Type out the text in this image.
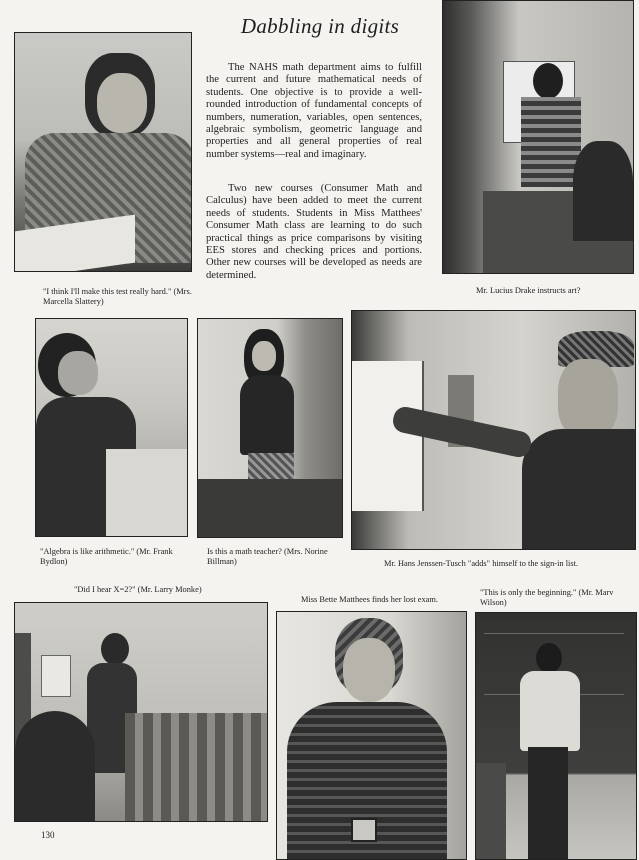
Dabbling in digits

The NAHS math department aims to fulfill the current and future mathematical needs of students. One objective is to provide a well-rounded introduction of fundamental concepts of numbers, numeration, variables, open sentences, algebraic symbolism, geometric language and properties and all general properties of real number systems—real and imaginary.

Two new courses (Consumer Math and Calculus) have been added to meet the current needs of students. Students in Miss Matthees' Consumer Math class are learning to do such practical things as price comparisons by visiting EES stores and checking prices and portions. Other new courses will be developed as needs are determined.

"I think I'll make this test really hard." (Mrs. Marcella Slattery)

Mr. Lucius Drake instructs art?

"Algebra is like arithmetic." (Mr. Frank Bydlon)

Is this a math teacher? (Mrs. Norine Billman)	Mr. Hans Jenssen-Tusch "adds" himself to the sign-in list.

"Did I hear X=2?" (Mr. Larry Monke)

Miss Bette Matthees finds her lost exam.

"This is only the beginning." (Mr. Marv Wilson)

130
